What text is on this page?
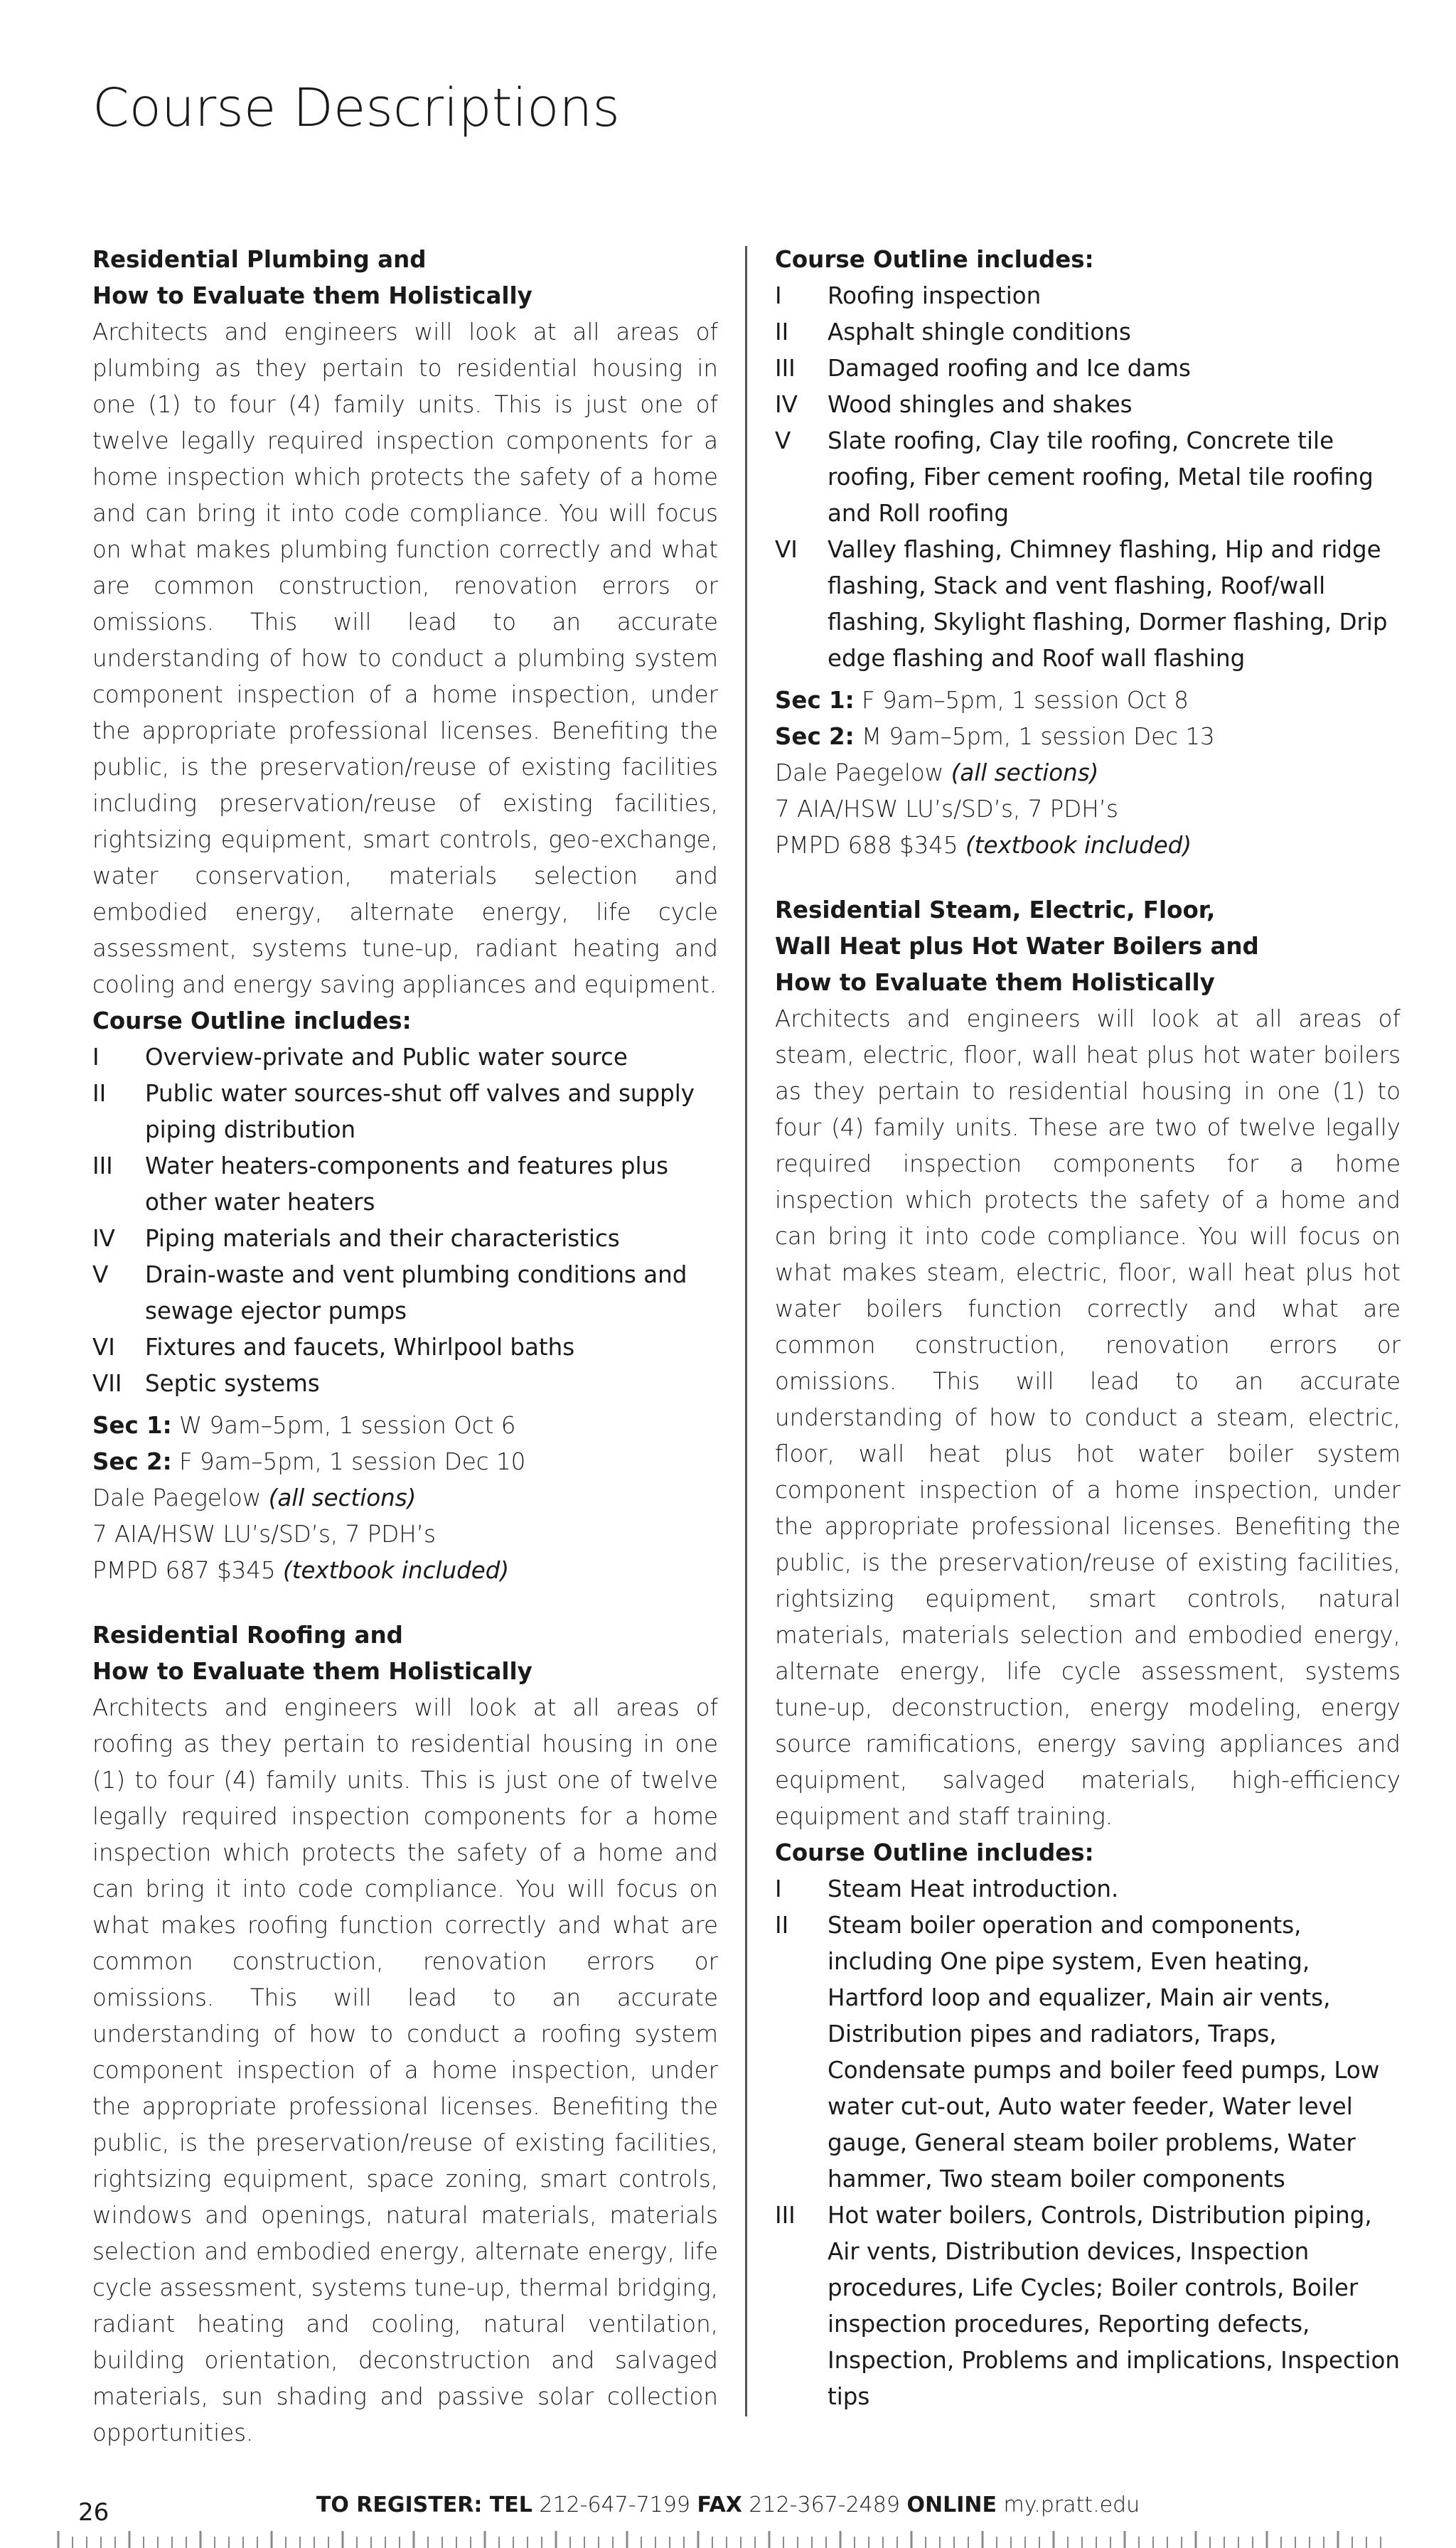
Course Descriptions
Residential Plumbing and
How to Evaluate them Holistically
Architects and engineers will look at all areas of plumbing as they pertain to residential housing in one (1) to four (4) family units. This is just one of twelve legally required inspection components for a home inspection which protects the safety of a home and can bring it into code compliance. You will focus on what makes plumbing function correctly and what are common construction, renovation errors or omissions. This will lead to an accurate understanding of how to conduct a plumbing system component inspection of a home inspection, under the appropriate professional licenses. Benefiting the public, is the preservation/reuse of existing facilities including preservation/reuse of existing facilities, rightsizing equipment, smart controls, geo-exchange, water conservation, materials selection and embodied energy, alternate energy, life cycle assessment, systems tune-up, radiant heating and cooling and energy saving appliances and equipment.
Course Outline includes:
I	Overview-private and Public water source
II	Public water sources-shut off valves and supply piping distribution
III	Water heaters-components and features plus other water heaters
IV	Piping materials and their characteristics
V	Drain-waste and vent plumbing conditions and sewage ejector pumps
VI	Fixtures and faucets, Whirlpool baths
VII	Septic systems
Sec 1: W 9am–5pm, 1 session Oct 6
Sec 2: F 9am–5pm, 1 session Dec 10
Dale Paegelow (all sections)
7 AIA/HSW LU’s/SD’s, 7 PDH’s
PMPD 687 $345 (textbook included)
Residential Roofing and
How to Evaluate them Holistically
Architects and engineers will look at all areas of roofing as they pertain to residential housing in one (1) to four (4) family units. This is just one of twelve legally required inspection components for a home inspection which protects the safety of a home and can bring it into code compliance. You will focus on what makes roofing function correctly and what are common construction, renovation errors or omissions. This will lead to an accurate understanding of how to conduct a roofing system component inspection of a home inspection, under the appropriate professional licenses. Benefiting the public, is the preservation/reuse of existing facilities, rightsizing equipment, space zoning, smart controls, windows and openings, natural materials, materials selection and embodied energy, alternate energy, life cycle assessment, systems tune-up, thermal bridging, radiant heating and cooling, natural ventilation, building orientation, deconstruction and salvaged materials, sun shading and passive solar collection opportunities.
Course Outline includes:
I	Roofing inspection
II	Asphalt shingle conditions
III	Damaged roofing and Ice dams
IV	Wood shingles and shakes
V	Slate roofing, Clay tile roofing, Concrete tile roofing, Fiber cement roofing, Metal tile roofing and Roll roofing
VI	Valley flashing, Chimney flashing, Hip and ridge flashing, Stack and vent flashing, Roof/wall flashing, Skylight flashing, Dormer flashing, Drip edge flashing and Roof wall flashing
Sec 1: F 9am–5pm, 1 session Oct 8
Sec 2: M 9am–5pm, 1 session Dec 13
Dale Paegelow (all sections)
7 AIA/HSW LU’s/SD’s, 7 PDH’s
PMPD 688 $345 (textbook included)
Residential Steam, Electric, Floor,
Wall Heat plus Hot Water Boilers and
How to Evaluate them Holistically
Architects and engineers will look at all areas of steam, electric, floor, wall heat plus hot water boilers as they pertain to residential housing in one (1) to four (4) family units. These are two of twelve legally required inspection components for a home inspection which protects the safety of a home and can bring it into code compliance. You will focus on what makes steam, electric, floor, wall heat plus hot water boilers function correctly and what are common construction, renovation errors or omissions. This will lead to an accurate understanding of how to conduct a steam, electric, floor, wall heat plus hot water boiler system component inspection of a home inspection, under the appropriate professional licenses. Benefiting the public, is the preservation/reuse of existing facilities, rightsizing equipment, smart controls, natural materials, materials selection and embodied energy, alternate energy, life cycle assessment, systems tune-up, deconstruction, energy modeling, energy source ramifications, energy saving appliances and equipment, salvaged materials, high-efficiency equipment and staff training.
Course Outline includes:
I	Steam Heat introduction.
II	Steam boiler operation and components, including One pipe system, Even heating, Hartford loop and equalizer, Main air vents, Distribution pipes and radiators, Traps, Condensate pumps and boiler feed pumps, Low water cut-out, Auto water feeder, Water level gauge, General steam boiler problems, Water hammer, Two steam boiler components
III	Hot water boilers, Controls, Distribution piping, Air vents, Distribution devices, Inspection procedures, Life Cycles; Boiler controls, Boiler inspection procedures, Reporting defects, Inspection, Problems and implications, Inspection tips
TO REGISTER: TEL 212-647-7199 FAX 212-367-2489 ONLINE my.pratt.edu
26
